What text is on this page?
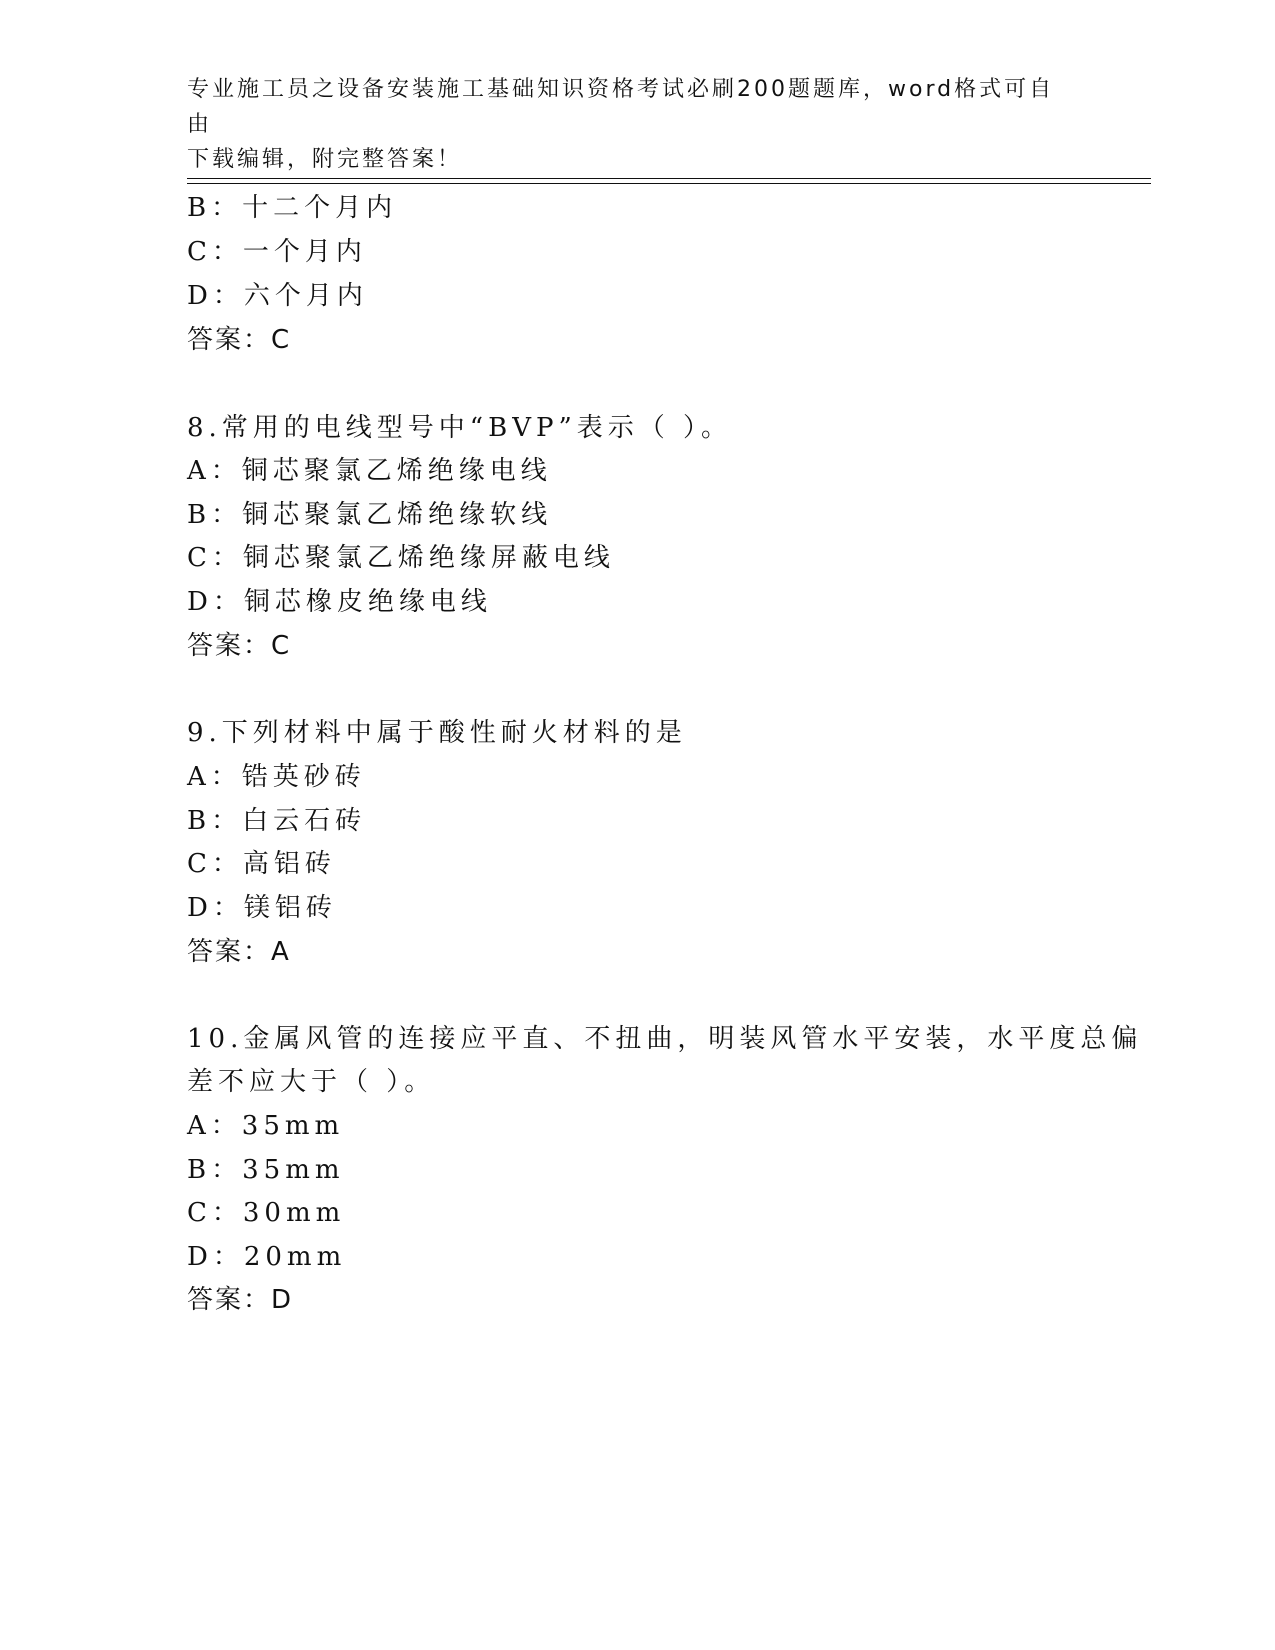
专业施工员之设备安装施工基础知识资格考试必刷200题题库，word格式可自由
下载编辑，附完整答案！
B：十二个月内
C：一个月内
D：六个月内
答案：C
8.常用的电线型号中“BVP”表示（ ）。
A：铜芯聚氯乙烯绝缘电线
B：铜芯聚氯乙烯绝缘软线
C：铜芯聚氯乙烯绝缘屏蔽电线
D：铜芯橡皮绝缘电线
答案：C
9.下列材料中属于酸性耐火材料的是
A：锆英砂砖
B：白云石砖
C：高铝砖
D：镁铝砖
答案：A
10.金属风管的连接应平直、不扭曲，明装风管水平安装，水平度总偏
差不应大于（ ）。
A：35mm
B：35mm
C：30mm
D：20mm
答案：D
